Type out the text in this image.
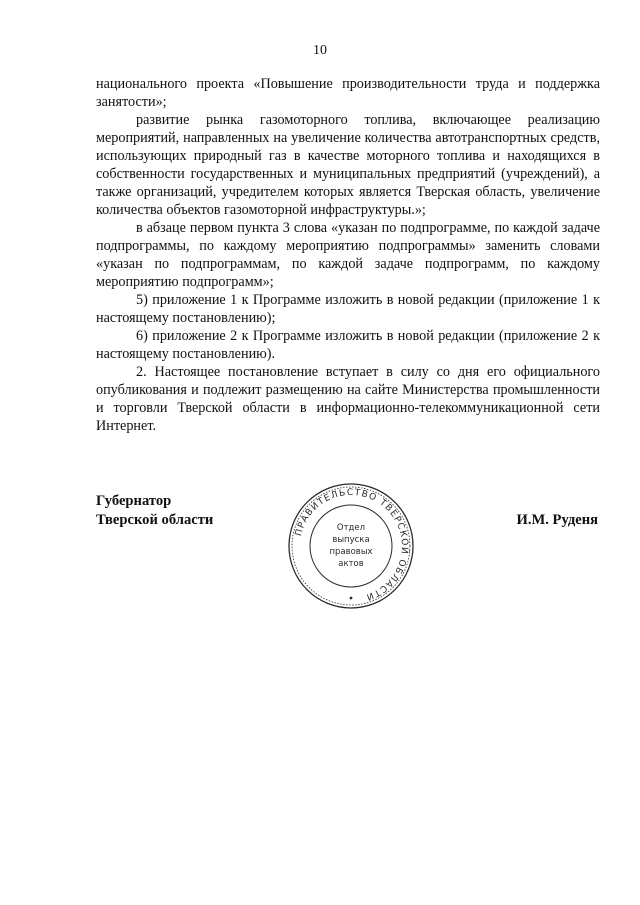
10

национального проекта «Повышение производительности труда и поддержка занятости»;

развитие рынка газомоторного топлива, включающее реализацию мероприятий, направленных на увеличение количества автотранспортных средств, использующих природный газ в качестве моторного топлива и находящихся в собственности государственных и муниципальных предприятий (учреждений), а также организаций, учредителем которых является Тверская область, увеличение количества объектов газомоторной инфраструктуры.»;

в абзаце первом пункта 3 слова «указан по подпрограмме, по каждой задаче подпрограммы, по каждому мероприятию подпрограммы» заменить словами «указан по подпрограммам, по каждой задаче подпрограмм, по каждому мероприятию подпрограмм»;

5) приложение 1 к Программе изложить в новой редакции (приложение 1 к настоящему постановлению);

6) приложение 2 к Программе изложить в новой редакции (приложение 2 к настоящему постановлению).

2. Настоящее постановление вступает в силу со дня его официального опубликования и подлежит размещению на сайте Министерства промышленности и торговли Тверской области в информационно-телекоммуникационной сети Интернет.

Губернатор
Тверской области
ПРАВИТЕЛЬСТВО ТВЕРСКОЙ ОБЛАСТИ
Отдел
выпуска
правовых
актов
И.М. Руденя
